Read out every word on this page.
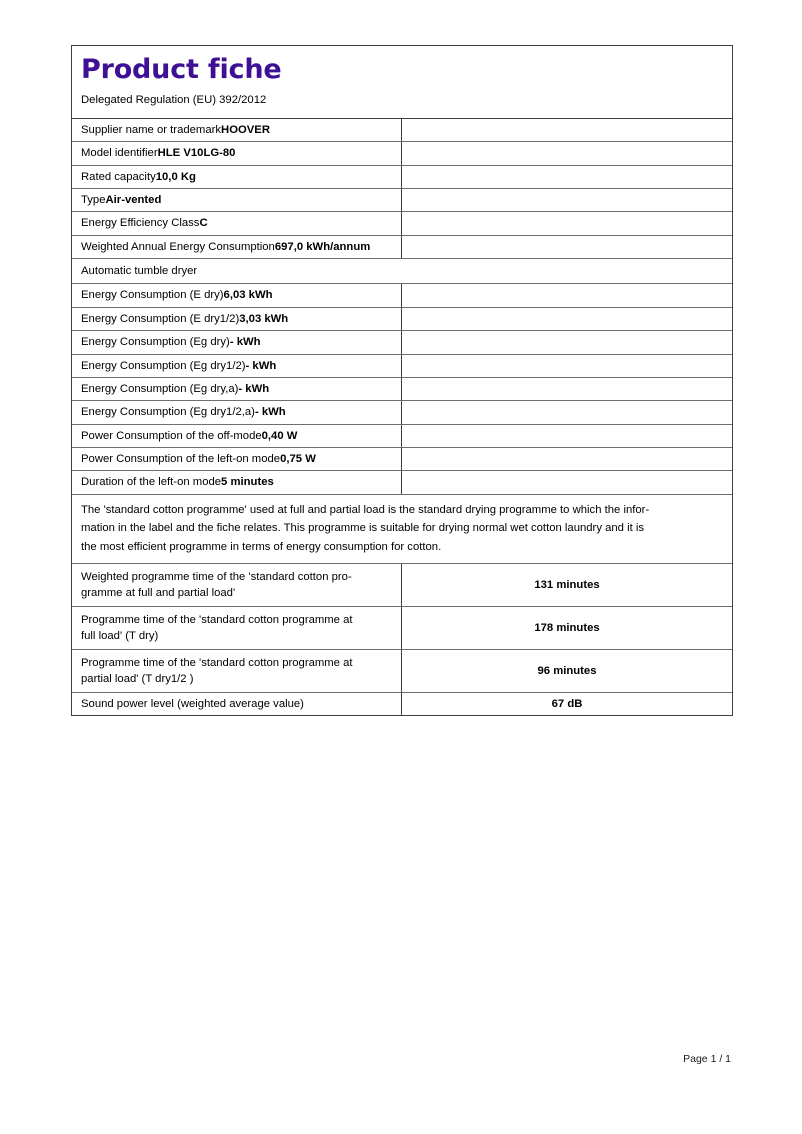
Product fiche
Delegated Regulation (EU) 392/2012
Supplier name or trademark HOOVER
Model identifier HLE V10LG-80
Rated capacity 10,0 Kg
Type Air-vented
Energy Efficiency Class C
Weighted Annual Energy Consumption 697,0 kWh/annum
Automatic tumble dryer
Energy Consumption (E dry) 6,03 kWh
Energy Consumption (E dry1/2) 3,03 kWh
Energy Consumption (Eg dry) - kWh
Energy Consumption (Eg dry1/2) - kWh
Energy Consumption (Eg dry,a) - kWh
Energy Consumption (Eg dry1/2,a) - kWh
Power Consumption of the off-mode 0,40 W
Power Consumption of the left-on mode 0,75 W
Duration of the left-on mode 5 minutes
The 'standard cotton programme' used at full and partial load is the standard drying programme to which the infor-
mation in the label and the fiche relates. This programme is suitable for drying normal wet cotton laundry and it is
the most efficient programme in terms of energy consumption for cotton.
Weighted programme time of the 'standard cotton pro-
gramme at full and partial load'
131 minutes
Programme time of the 'standard cotton programme at
full load' (T dry)
178 minutes
Programme time of the 'standard cotton programme at
partial load' (T dry1/2 )
96 minutes
Sound power level (weighted average value)	67 dB
Page 1 / 1
